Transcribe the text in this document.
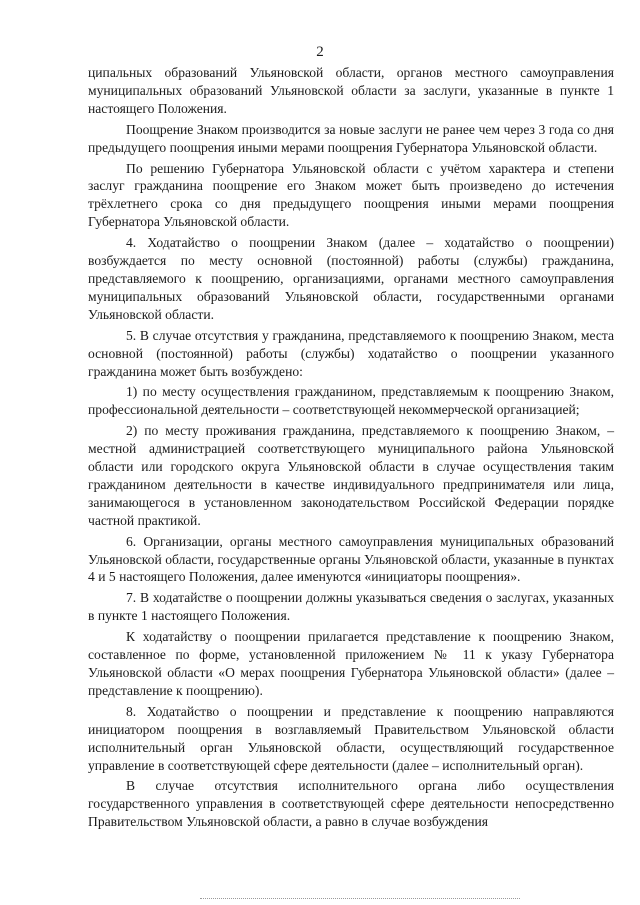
2

ципальных образований Ульяновской области, органов местного самоуправления муниципальных образований Ульяновской области за заслуги, указанные в пункте 1 настоящего Положения.

Поощрение Знаком производится за новые заслуги не ранее чем через 3 года со дня предыдущего поощрения иными мерами поощрения Губернатора Ульяновской области.

По решению Губернатора Ульяновской области с учётом характера и степени заслуг гражданина поощрение его Знаком может быть произведено до истечения трёхлетнего срока со дня предыдущего поощрения иными мерами поощрения Губернатора Ульяновской области.

4. Ходатайство о поощрении Знаком (далее – ходатайство о поощрении) возбуждается по месту основной (постоянной) работы (службы) гражданина, представляемого к поощрению, организациями, органами местного самоуправления муниципальных образований Ульяновской области, государственными органами Ульяновской области.

5. В случае отсутствия у гражданина, представляемого к поощрению Знаком, места основной (постоянной) работы (службы) ходатайство о поощрении указанного гражданина может быть возбуждено:

1) по месту осуществления гражданином, представляемым к поощрению Знаком, профессиональной деятельности – соответствующей некоммерческой организацией;

2) по месту проживания гражданина, представляемого к поощрению Знаком, – местной администрацией соответствующего муниципального района Ульяновской области или городского округа Ульяновской области в случае осуществления таким гражданином деятельности в качестве индивидуального предпринимателя или лица, занимающегося в установленном законодательством Российской Федерации порядке частной практикой.

6. Организации, органы местного самоуправления муниципальных образований Ульяновской области, государственные органы Ульяновской области, указанные в пунктах 4 и 5 настоящего Положения, далее именуются «инициаторы поощрения».

7. В ходатайстве о поощрении должны указываться сведения о заслугах, указанных в пункте 1 настоящего Положения.

К ходатайству о поощрении прилагается представление к поощрению Знаком, составленное по форме, установленной приложением № 11 к указу Губернатора Ульяновской области «О мерах поощрения Губернатора Ульяновской области» (далее – представление к поощрению).

8. Ходатайство о поощрении и представление к поощрению направляются инициатором поощрения в возглавляемый Правительством Ульяновской области исполнительный орган Ульяновской области, осуществляющий государственное управление в соответствующей сфере деятельности (далее – исполнительный орган).

В случае отсутствия исполнительного органа либо осуществления государственного управления в соответствующей сфере деятельности непосредственно Правительством Ульяновской области, а равно в случае возбуждения
